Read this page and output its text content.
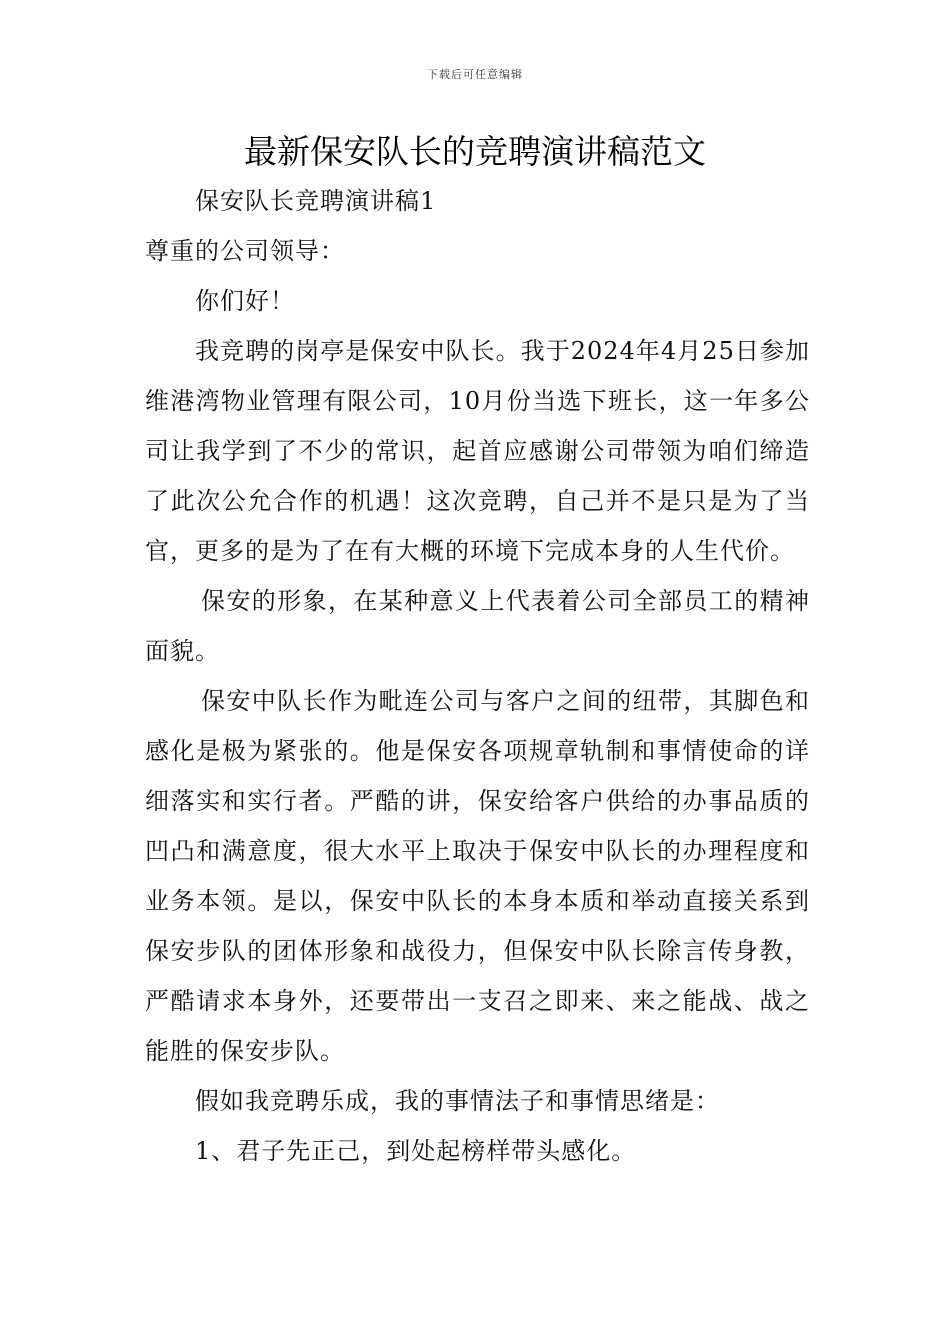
下载后可任意编辑
最新保安队长的竞聘演讲稿范文

保安队长竞聘演讲稿1

尊重的公司领导：

你们好！

我竞聘的岗亭是保安中队长。我于2024年4月25日参加维港湾物业管理有限公司，10月份当选下班长，这一年多公司让我学到了不少的常识，起首应感谢公司带领为咱们缔造了此次公允合作的机遇！这次竞聘，自己并不是只是为了当官，更多的是为了在有大概的环境下完成本身的人生代价。

保安的形象，在某种意义上代表着公司全部员工的精神面貌。

保安中队长作为毗连公司与客户之间的纽带，其脚色和感化是极为紧张的。他是保安各项规章轨制和事情使命的详细落实和实行者。严酷的讲，保安给客户供给的办事品质的凹凸和满意度，很大水平上取决于保安中队长的办理程度和业务本领。是以，保安中队长的本身本质和举动直接关系到保安步队的团体形象和战役力，但保安中队长除言传身教，严酷请求本身外，还要带出一支召之即来、来之能战、战之能胜的保安步队。

假如我竞聘乐成，我的事情法子和事情思绪是：

1、君子先正己，到处起榜样带头感化。
